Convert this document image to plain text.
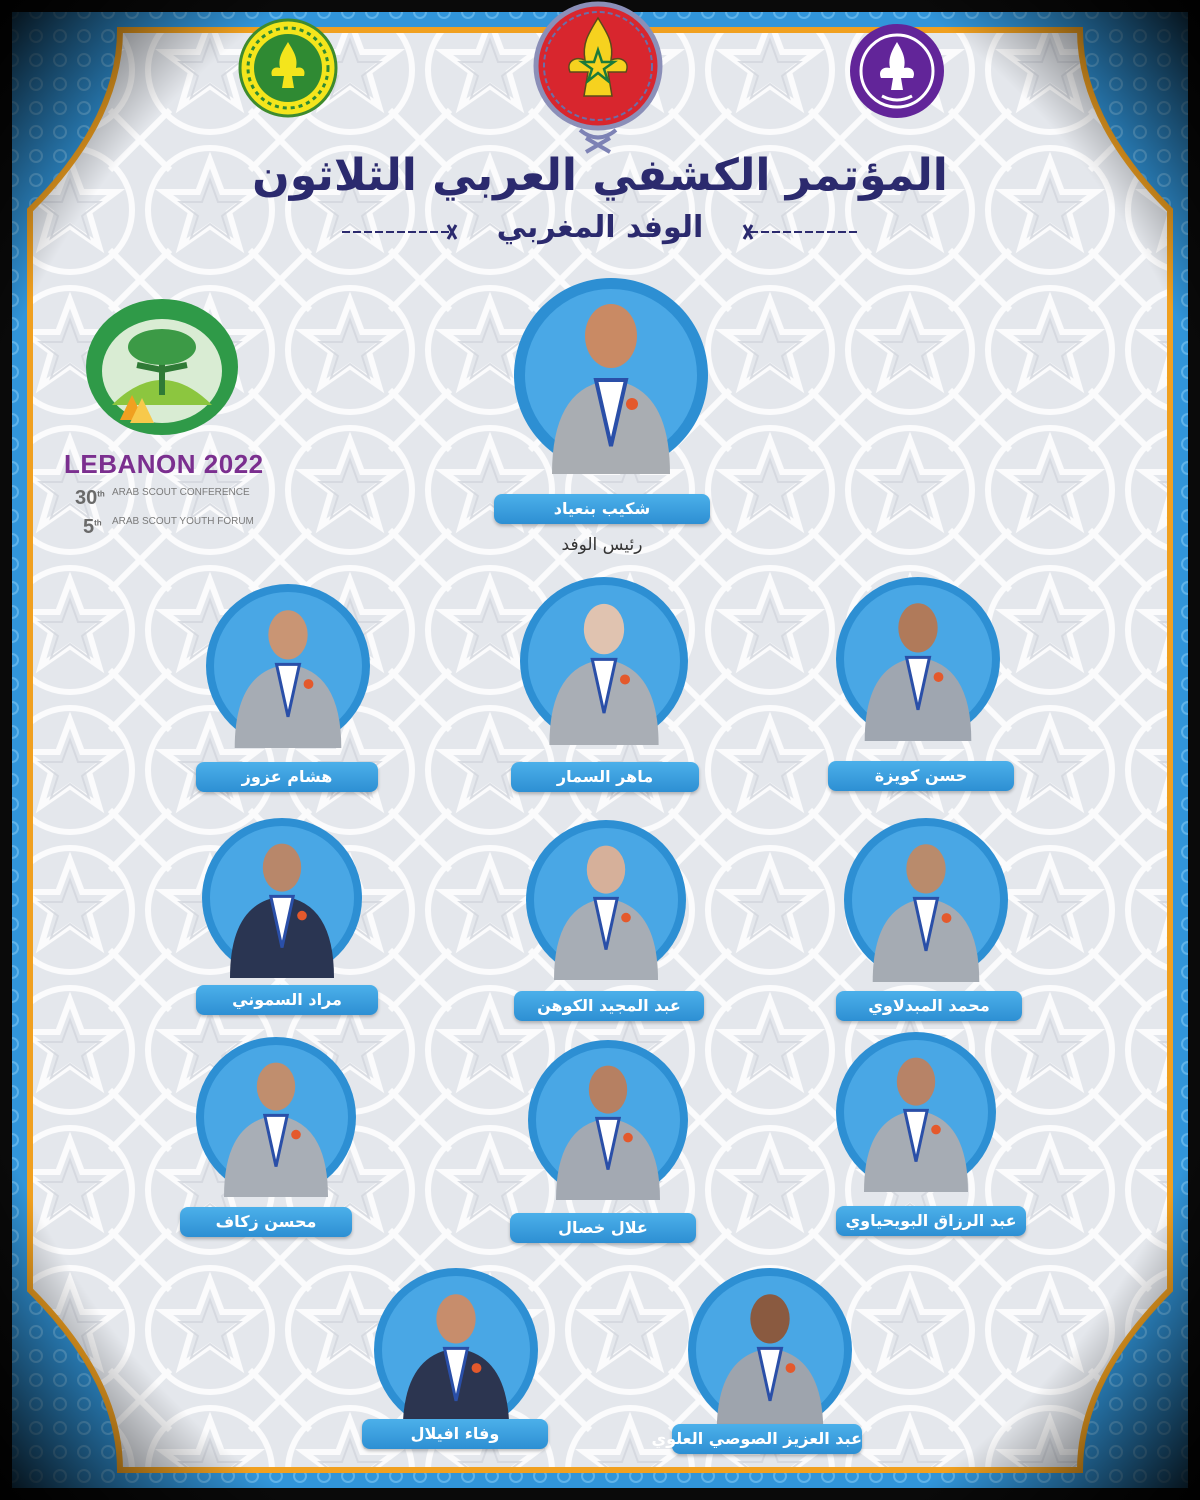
المؤتمر الكشفي العربي الثلاثون
الوفد المغربي
LEBANON 2022
30th ARAB SCOUT CONFERENCE
5th ARAB SCOUT YOUTH FORUM
شكيب بنعياد
رئيس الوفد
هشام عزوز	ماهر السمار	حسن كويزة
مراد السموني	عبد المجيد الكوهن	محمد المبدلاوي
محسن زكاف	علال خصال	عبد الرزاق البويحياوي
وفاء افيلال	عبد العزيز الصوصي العلوي
